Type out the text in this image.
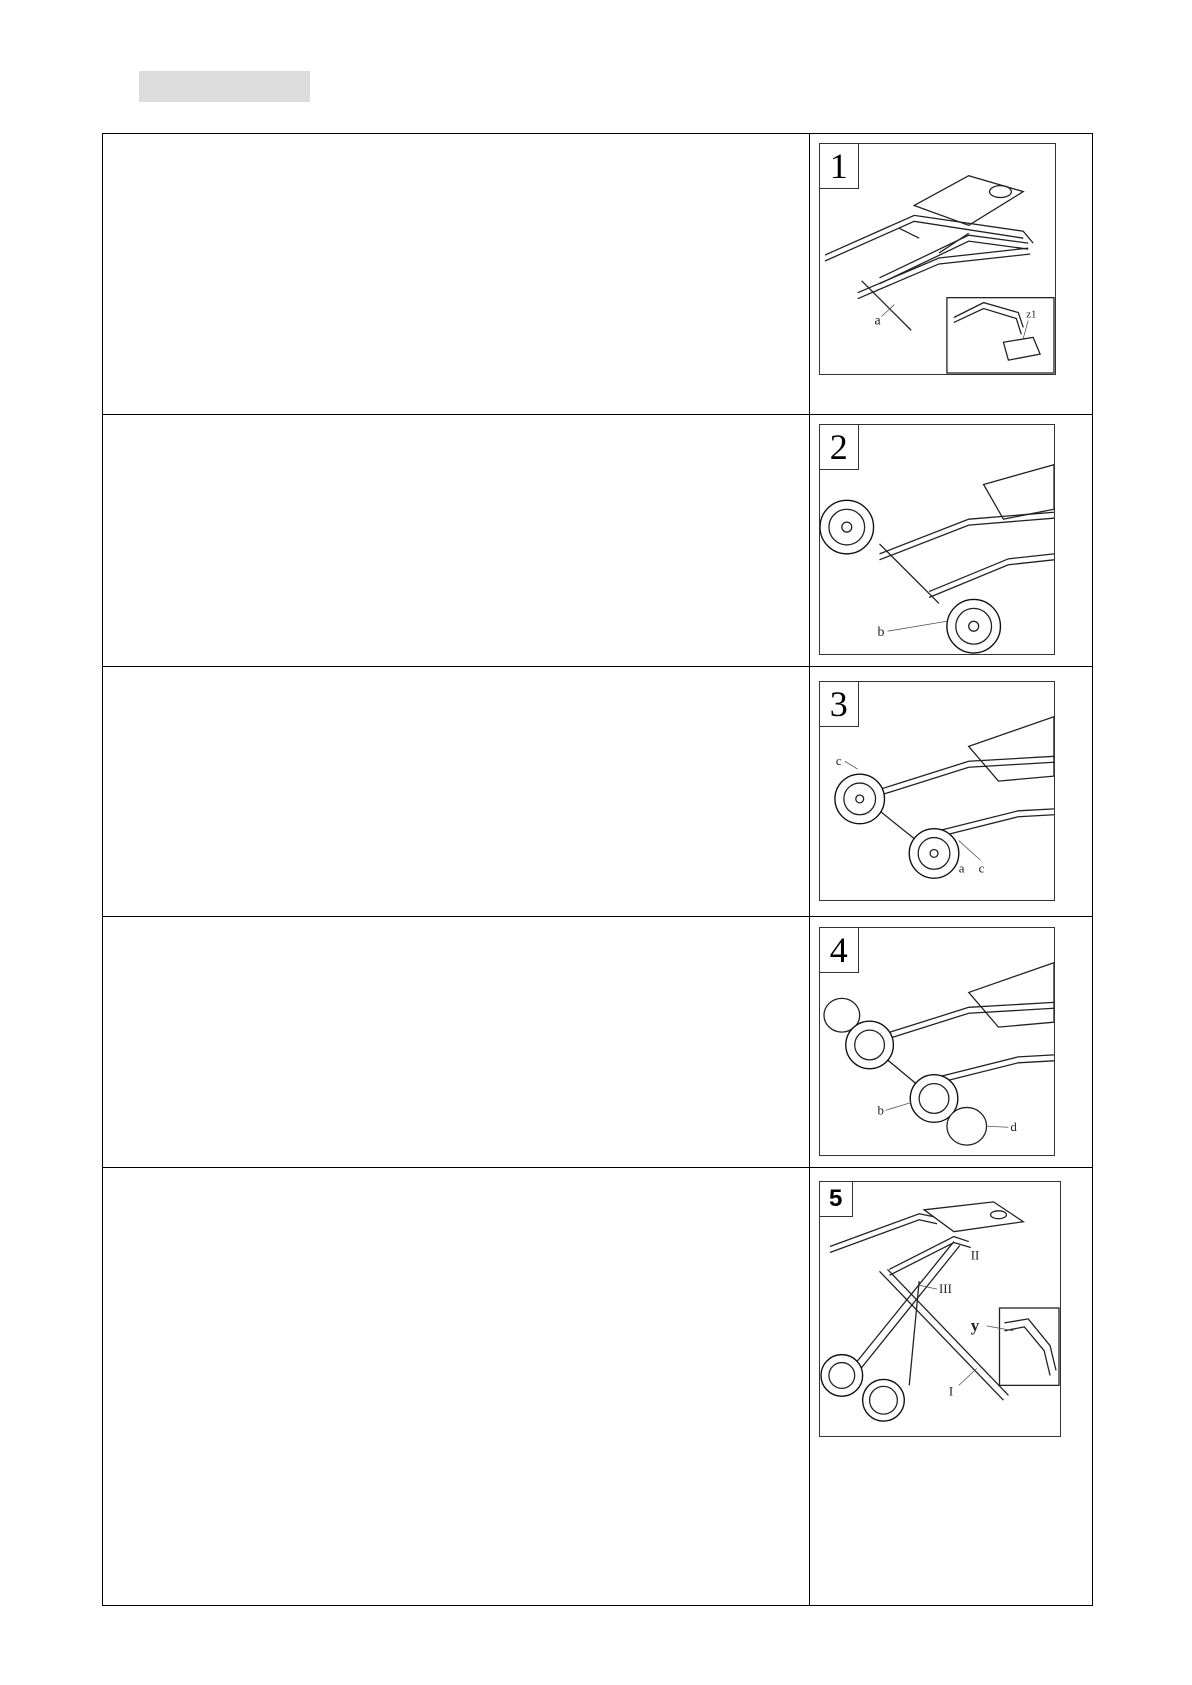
	1
a z1

	2
b

	3
c
a c

	4
b
d

	5
II
III
y
I
